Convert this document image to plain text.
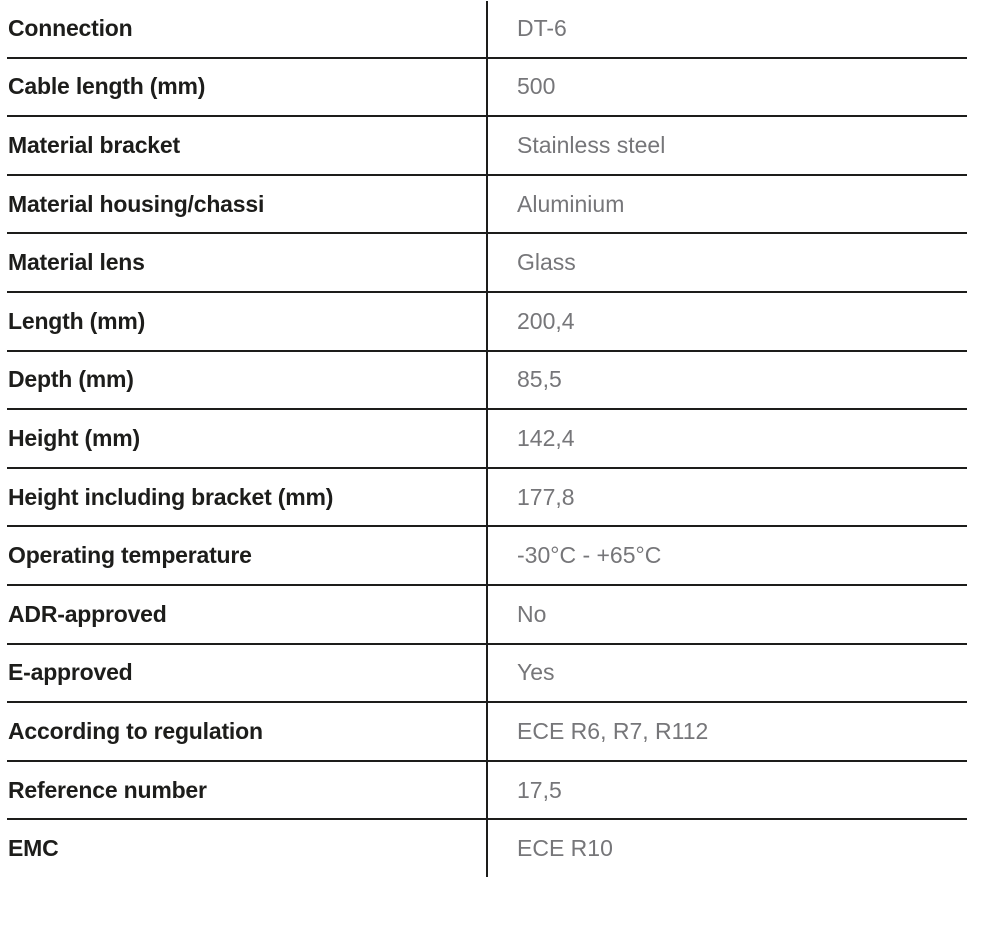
Connection	DT-6
Cable length (mm)	500
Material bracket	Stainless steel
Material housing/chassi	Aluminium
Material lens	Glass
Length (mm)	200,4
Depth (mm)	85,5
Height (mm)	142,4
Height including bracket (mm)	177,8
Operating temperature	-30°C - +65°C
ADR-approved	No
E-approved	Yes
According to regulation	ECE R6, R7, R112
Reference number	17,5
EMC	ECE R10
